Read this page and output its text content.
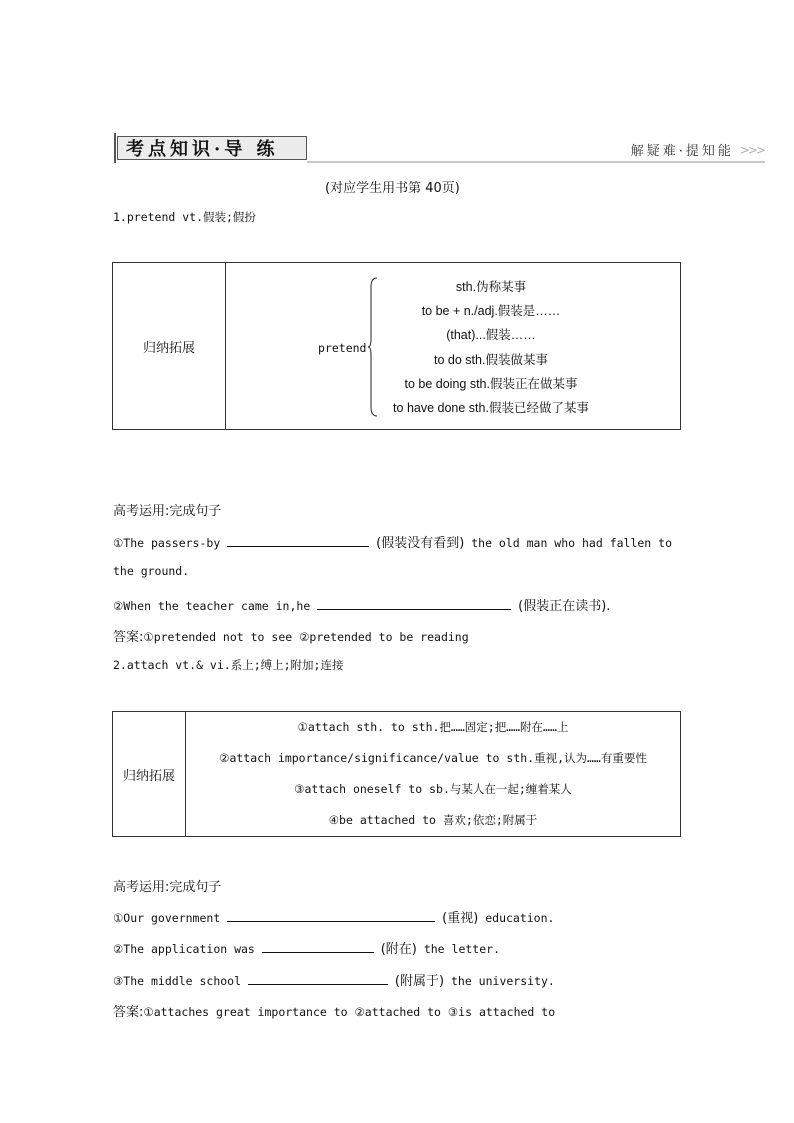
考点知识·导 练	解疑难·提知能 >>>
(对应学生用书第 40页)
1.pretend vt.假装;假扮
归纳拓展	pretend
sth.伪称某事
to be + n./adj.假装是……
(that)...假装……
to do sth.假装做某事
to be doing sth.假装正在做某事
to have done sth.假装已经做了某事
高考运用:完成句子
①The passers-by	(假装没有看到) the old man who had fallen to
the ground.
②When the teacher came in,he	(假装正在读书).
答案:①pretended not to see ②pretended to be reading
2.attach vt.& vi.系上;缚上;附加;连接
归纳拓展	
①attach sth. to sth.把……固定;把……附在……上
②attach importance/significance/value to sth.重视,认为……有重要性
③attach oneself to sb.与某人在一起;缠着某人
④be attached to 喜欢;依恋;附属于
高考运用:完成句子
①Our government	(重视) education.
②The application was	(附在) the letter.
③The middle school	(附属于) the university.
答案:①attaches great importance to ②attached to ③is attached to
